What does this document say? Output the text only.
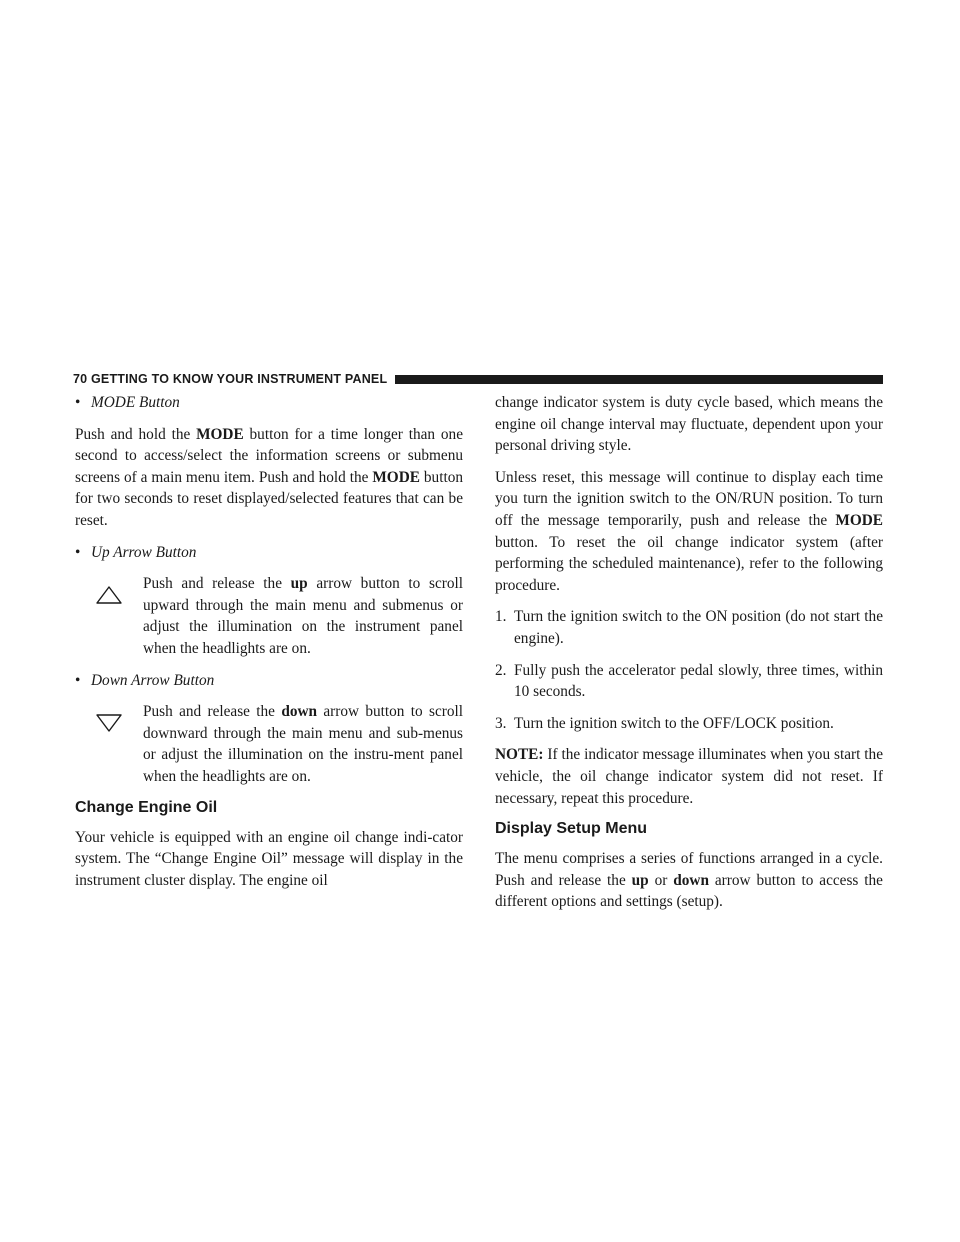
70 GETTING TO KNOW YOUR INSTRUMENT PANEL
• MODE Button

Push and hold the MODE button for a time longer than one second to access/select the information screens or submenu screens of a main menu item. Push and hold the MODE button for two seconds to reset displayed/selected features that can be reset.

• Up Arrow Button
Push and release the up arrow button to scroll upward through the main menu and submenus or adjust the illumination on the instrument panel when the headlights are on.
• Down Arrow Button
Push and release the down arrow button to scroll downward through the main menu and sub-menus or adjust the illumination on the instru-ment panel when the headlights are on.
Change Engine Oil

Your vehicle is equipped with an engine oil change indi-cator system. The “Change Engine Oil” message will display in the instrument cluster display. The engine oil

change indicator system is duty cycle based, which means the engine oil change interval may fluctuate, dependent upon your personal driving style.

Unless reset, this message will continue to display each time you turn the ignition switch to the ON/RUN position. To turn off the message temporarily, push and release the MODE button. To reset the oil change indicator system (after performing the scheduled maintenance), refer to the following procedure.

1. Turn the ignition switch to the ON position (do not start the engine).
2. Fully push the accelerator pedal slowly, three times, within 10 seconds.
3. Turn the ignition switch to the OFF/LOCK position.

NOTE: If the indicator message illuminates when you start the vehicle, the oil change indicator system did not reset. If necessary, repeat this procedure.

Display Setup Menu

The menu comprises a series of functions arranged in a cycle. Push and release the up or down arrow button to access the different options and settings (setup).
